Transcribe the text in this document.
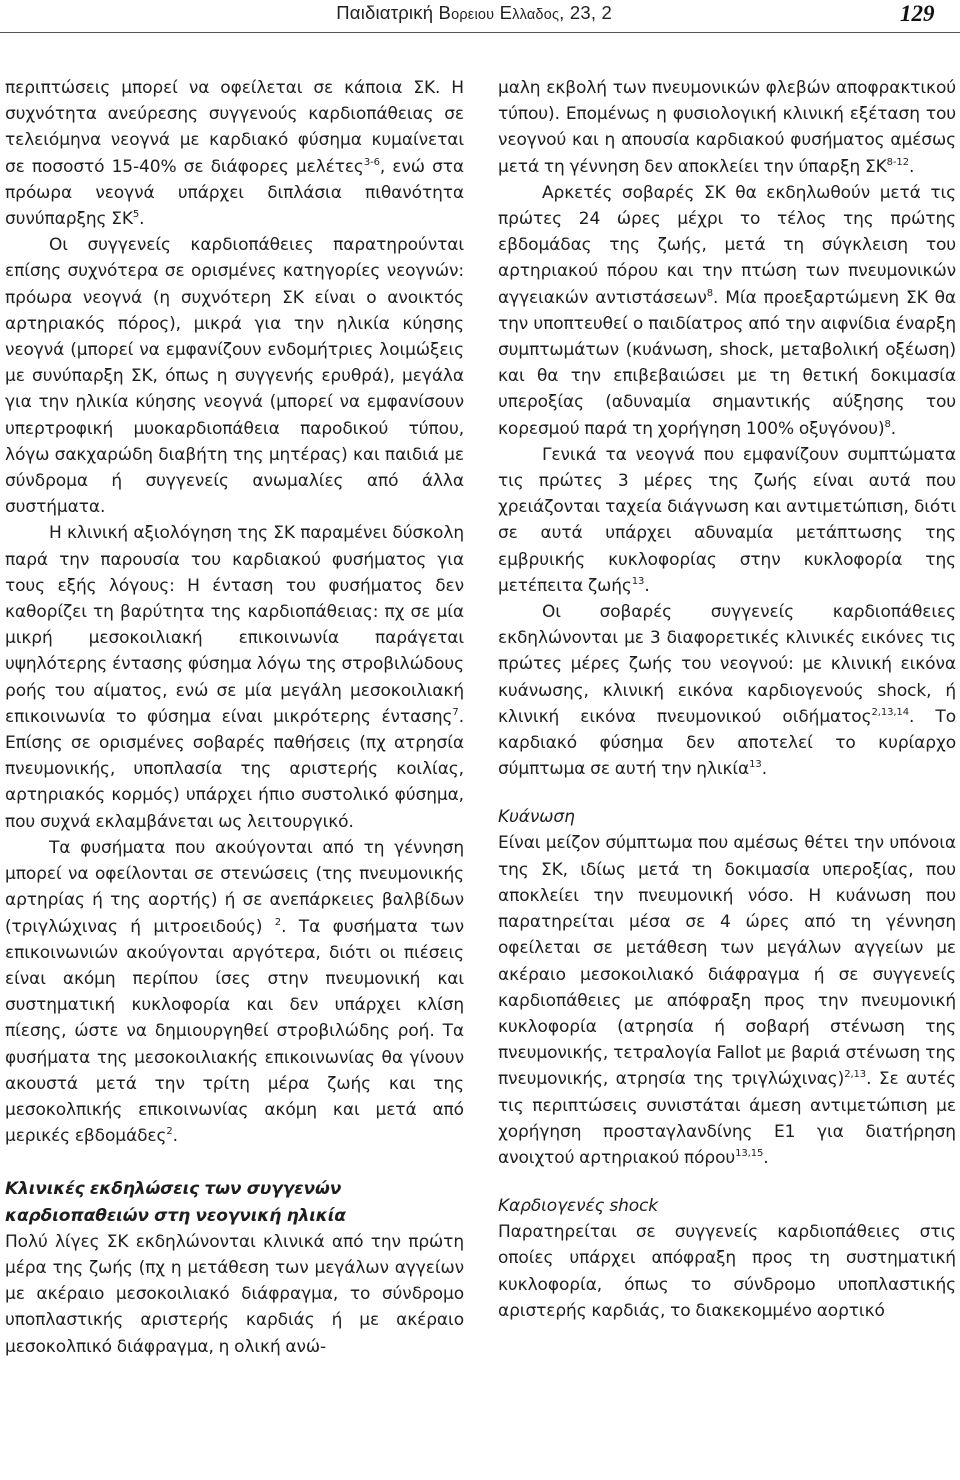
Παιδιατρική Βορειου Ελλαδος, 23, 2	129

περιπτώσεις μπορεί να οφείλεται σε κάποια ΣΚ. Η συχνότητα ανεύρεσης συγγενούς καρδιοπάθειας σε τελειόμηνα νεογνά με καρδιακό φύσημα κυμαίνεται σε ποσοστό 15-40% σε διάφορες μελέτες$^{3-6}$, ενώ στα πρόωρα νεογνά υπάρχει διπλάσια πιθανότητα συνύπαρξης $\Sigma K^5$.

Οι συγγενείς καρδιοπάθειες παρατηρούνται επίσης συχνότερα σε ορισμένες κατηγορίες νεογνών: πρόωρα νεογνά (η συχνότερη ΣΚ είναι ο ανοικτός αρτηριακός πόρος), μικρά για την ηλικία κύησης νεογνά (μπορεί να εμφανίζουν ενδομήτριες λοιμώξεις με συνύπαρξη ΣΚ, όπως η συγγενής ερυθρά), μεγάλα για την ηλικία κύησης νεογνά (μπορεί να εμφανίσουν υπερτροφική μυοκαρδιοπάθεια παροδικού τύπου, λόγω σακχαρώδη διαβήτη της μητέρας) και παιδιά με σύνδρομα ή συγγενείς ανωμαλίες από άλλα συστήματα.

Η κλινική αξιολόγηση της ΣΚ παραμένει δύσκολη παρά την παρουσία του καρδιακού φυσήματος για τους εξής λόγους: Η ένταση του φυσήματος δεν καθορίζει τη βαρύτητα της καρδιοπάθειας: πχ σε μία μικρή μεσοκοιλιακή επικοινωνία παράγεται υψηλότερης έντασης φύσημα λόγω της στροβιλώδους ροής του αίματος, ενώ σε μία μεγάλη μεσοκοιλιακή επικοινωνία το φύσημα είναι μικρότερης έντασης$^7$. Επίσης σε ορισμένες σοβαρές παθήσεις (πχ ατρησία πνευμονικής, υποπλασία της αριστερής κοιλίας, αρτηριακός κορμός) υπάρχει ήπιο συστολικό φύσημα, που συχνά εκλαμβάνεται ως λειτουργικό.

Τα φυσήματα που ακούγονται από τη γέννηση μπορεί να οφείλονται σε στενώσεις (της πνευμονικής αρτηρίας ή της αορτής) ή σε ανεπάρκειες βαλβίδων (τριγλώχινας ή μιτροειδούς) $^2$. Τα φυσήματα των επικοινωνιών ακούγονται αργότερα, διότι οι πιέσεις είναι ακόμη περίπου ίσες στην πνευμονική και συστηματική κυκλοφορία και δεν υπάρχει κλίση πίεσης, ώστε να δημιουργηθεί στροβιλώδης ροή. Τα φυσήματα της μεσοκοιλιακής επικοινωνίας θα γίνουν ακουστά μετά την τρίτη μέρα ζωής και της μεσοκολπικής επικοινωνίας ακόμη και μετά από μερικές εβδομάδες$^2$.

Κλινικές εκδηλώσεις των συγγενών καρδιοπαθειών στη νεογνική ηλικία

Πολύ λίγες ΣΚ εκδηλώνονται κλινικά από την πρώτη μέρα της ζωής (πχ η μετάθεση των μεγάλων αγγείων με ακέραιο μεσοκοιλιακό διάφραγμα, το σύνδρομο υποπλαστικής αριστερής καρδιάς ή με ακέραιο μεσοκολπικό διάφραγμα, η ολική ανώ-

μαλη εκβολή των πνευμονικών φλεβών αποφρακτικού τύπου). Επομένως η φυσιολογική κλινική εξέταση του νεογνού και η απουσία καρδιακού φυσήματος αμέσως μετά τη γέννηση δεν αποκλείει την ύπαρξη ΣΚ$^{8-12}$.

Αρκετές σοβαρές ΣΚ θα εκδηλωθούν μετά τις πρώτες 24 ώρες μέχρι το τέλος της πρώτης εβδομάδας της ζωής, μετά τη σύγκλειση του αρτηριακού πόρου και την πτώση των πνευμονικών αγγειακών αντιστάσεων$^8$. Μία προεξαρτώμενη ΣΚ θα την υποπτευθεί ο παιδίατρος από την αιφνίδια έναρξη συμπτωμάτων (κυάνωση, shock, μεταβολική οξέωση) και θα την επιβεβαιώσει με τη θετική δοκιμασία υπεροξίας (αδυναμία σημαντικής αύξησης του κορεσμού παρά τη χορήγηση 100% οξυγόνου)$^8$.

Γενικά τα νεογνά που εμφανίζουν συμπτώματα τις πρώτες 3 μέρες της ζωής είναι αυτά που χρειάζονται ταχεία διάγνωση και αντιμετώπιση, διότι σε αυτά υπάρχει αδυναμία μετάπτωσης της εμβρυικής κυκλοφορίας στην κυκλοφορία της μετέπειτα ζωής$^{13}$.

Οι σοβαρές συγγενείς καρδιοπάθειες εκδηλώνονται με 3 διαφορετικές κλινικές εικόνες τις πρώτες μέρες ζωής του νεογνού: με κλινική εικόνα κυάνωσης, κλινική εικόνα καρδιογενούς shock, ή κλινική εικόνα πνευμονικού οιδήματος$^{2,13,14}$. Το καρδιακό φύσημα δεν αποτελεί το κυρίαρχο σύμπτωμα σε αυτή την ηλικία$^{13}$.

Κυάνωση

Είναι μείζον σύμπτωμα που αμέσως θέτει την υπόνοια της ΣΚ, ιδίως μετά τη δοκιμασία υπεροξίας, που αποκλείει την πνευμονική νόσο. Η κυάνωση που παρατηρείται μέσα σε 4 ώρες από τη γέννηση οφείλεται σε μετάθεση των μεγάλων αγγείων με ακέραιο μεσοκοιλιακό διάφραγμα ή σε συγγενείς καρδιοπάθειες με απόφραξη προς την πνευμονική κυκλοφορία (ατρησία ή σοβαρή στένωση της πνευμονικής, τετραλογία Fallot με βαριά στένωση της πνευμονικής, ατρησία της τριγλώχινας)$^{2,13}$. Σε αυτές τις περιπτώσεις συνιστάται άμεση αντιμετώπιση με χορήγηση προσταγλανδίνης Ε1 για διατήρηση ανοιχτού αρτηριακού πόρου$^{13,15}$.

Καρδιογενές shock

Παρατηρείται σε συγγενείς καρδιοπάθειες στις οποίες υπάρχει απόφραξη προς τη συστηματική κυκλοφορία, όπως το σύνδρομο υποπλαστικής αριστερής καρδιάς, το διακεκομμένο αορτικό
